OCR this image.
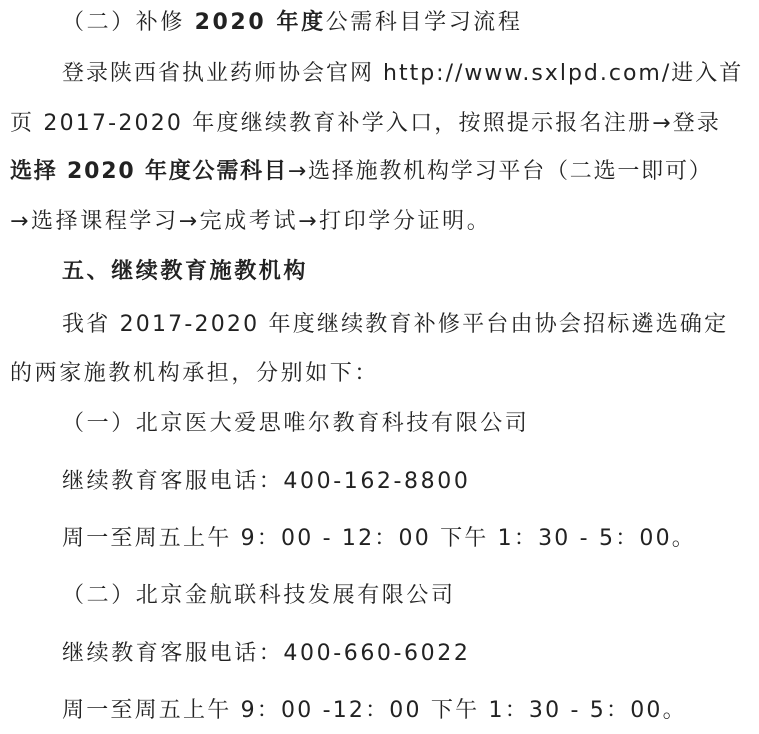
（二）补修 2020 年度公需科目学习流程
登录陕西省执业药师协会官网 http://www.sxlpd.com/进入首
页 2017-2020 年度继续教育补学入口，按照提示报名注册→登录
选择 2020 年度公需科目→选择施教机构学习平台（二选一即可）
→选择课程学习→完成考试→打印学分证明。
五、继续教育施教机构
我省 2017-2020 年度继续教育补修平台由协会招标遴选确定
的两家施教机构承担，分别如下：
（一）北京医大爱思唯尔教育科技有限公司
继续教育客服电话：400-162-8800
周一至周五上午 9：00 - 12：00 下午 1：30 - 5：00。
（二）北京金航联科技发展有限公司
继续教育客服电话：400-660-6022
周一至周五上午 9：00 -12：00 下午 1：30 - 5：00。
